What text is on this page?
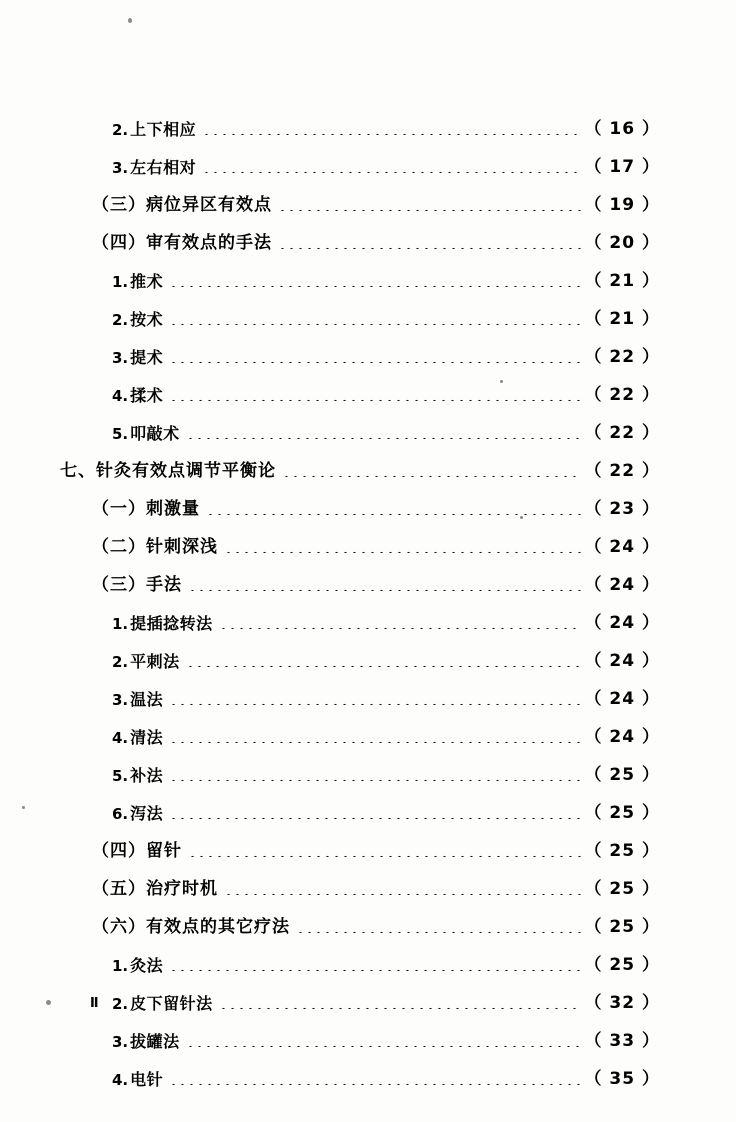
2. 上下相应	（ 16 ）
3. 左右相对	（ 17 ）
（三）病位异区有效点	（ 19 ）
（四）审有效点的手法	（ 20 ）
1. 推术	（ 21 ）
2. 按术	（ 21 ）
3. 提术	（ 22 ）
4. 揉术	（ 22 ）
5. 叩敲术	（ 22 ）
七、针灸有效点调节平衡论	（ 22 ）
（一）刺激量	（ 23 ）
（二）针刺深浅	（ 24 ）
（三）手法	（ 24 ）
1. 提插捻转法	（ 24 ）
2. 平刺法	（ 24 ）
3. 温法	（ 24 ）
4. 清法	（ 24 ）
5. 补法	（ 25 ）
6. 泻法	（ 25 ）
（四）留针	（ 25 ）
（五）治疗时机	（ 25 ）
（六）有效点的其它疗法	（ 25 ）
1. 灸法	（ 25 ）
2. 皮下留针法	（ 32 ）
3. 拔罐法	（ 33 ）
4. 电针	（ 35 ）
Ⅱ
